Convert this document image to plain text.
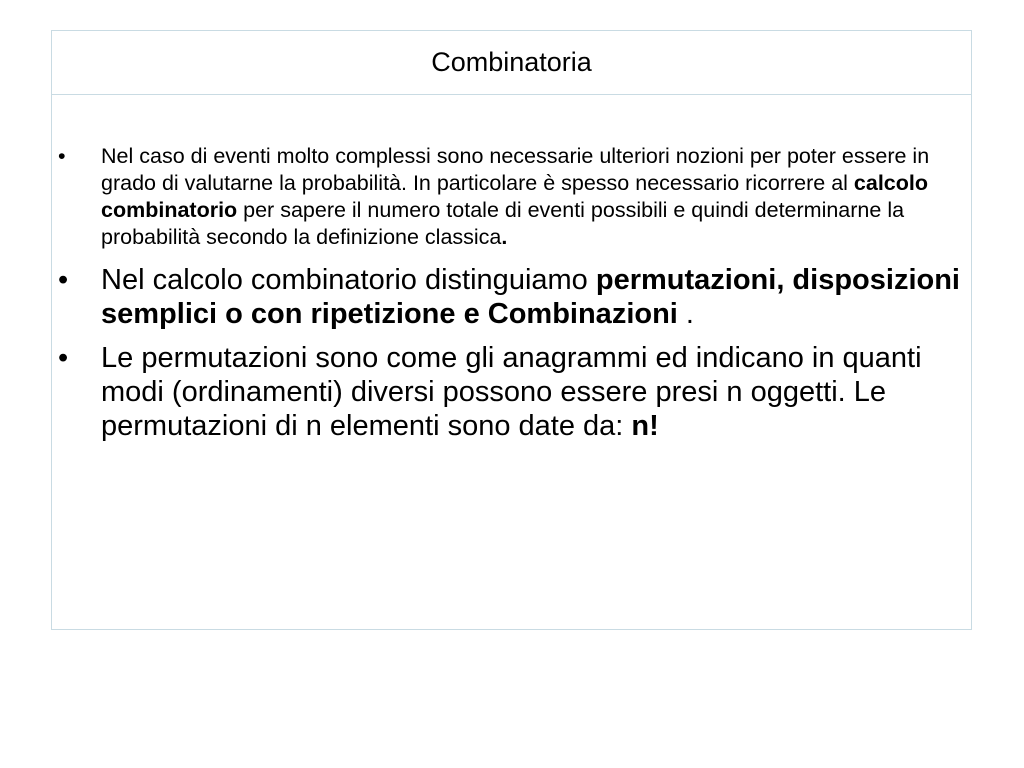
Combinatoria
• Nel caso di eventi molto complessi sono necessarie ulteriori nozioni per poter essere in grado di valutarne la probabilità. In particolare è spesso necessario ricorrere al calcolo combinatorio per sapere il numero totale di eventi possibili e quindi determinarne la probabilità secondo la definizione classica.
• Nel calcolo combinatorio distinguiamo permutazioni, disposizioni semplici o con ripetizione e Combinazioni .
• Le permutazioni sono come gli anagrammi ed indicano in quanti modi (ordinamenti) diversi possono essere presi n oggetti. Le permutazioni di n elementi sono date da: n!
